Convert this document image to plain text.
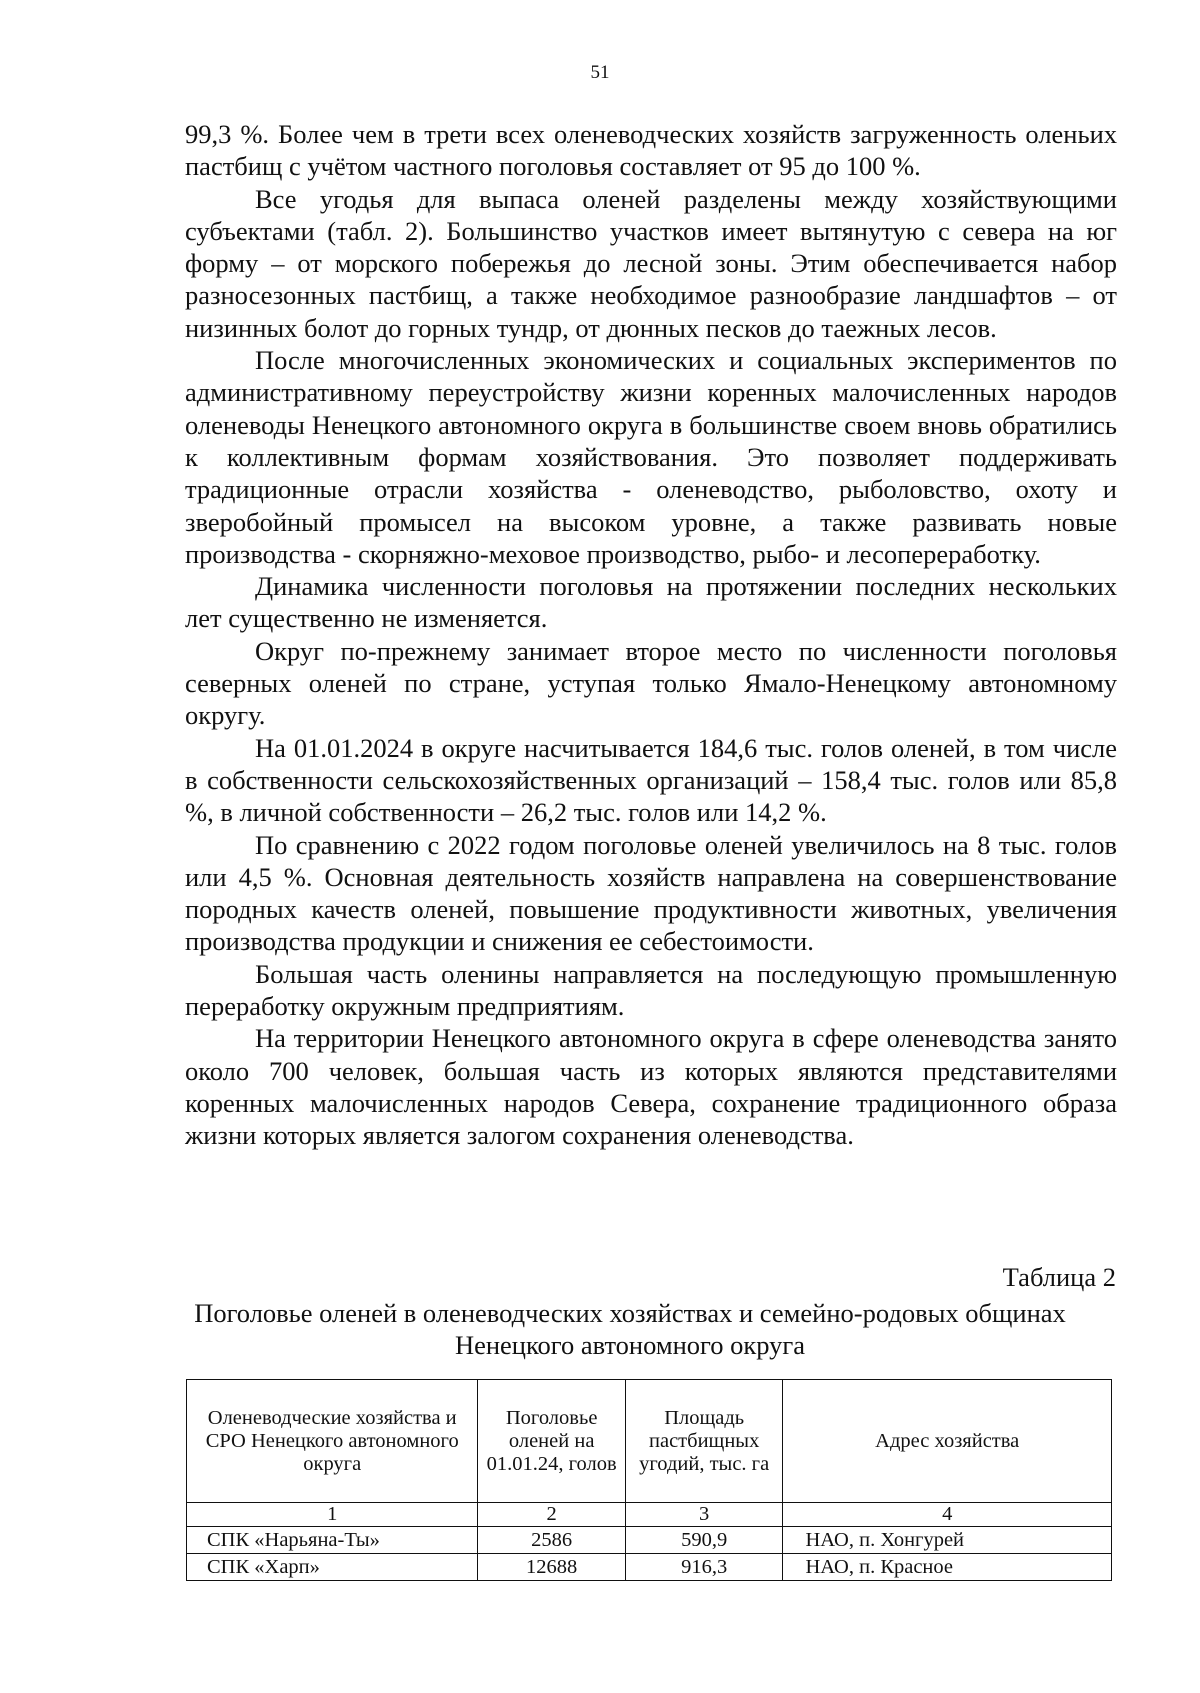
51

99,3 %. Более чем в трети всех оленеводческих хозяйств загруженность оленьих пастбищ с учётом частного поголовья составляет от 95 до 100 %.

Все угодья для выпаса оленей разделены между хозяйствующими субъектами (табл. 2). Большинство участков имеет вытянутую с севера на юг форму – от морского побережья до лесной зоны. Этим обеспечивается набор разносезонных пастбищ, а также необходимое разнообразие ландшафтов – от низинных болот до горных тундр, от дюнных песков до таежных лесов.

После многочисленных экономических и социальных экспериментов по административному переустройству жизни коренных малочисленных народов оленеводы Ненецкого автономного округа в большинстве своем вновь обратились к коллективным формам хозяйствования. Это позволяет поддерживать традиционные отрасли хозяйства - оленеводство, рыболовство, охоту и зверобойный промысел на высоком уровне, а также развивать новые производства - скорняжно-меховое производство, рыбо- и лесопереработку.

Динамика численности поголовья на протяжении последних нескольких лет существенно не изменяется.

Округ по-прежнему занимает второе место по численности поголовья северных оленей по стране, уступая только Ямало-Ненецкому автономному округу.

На 01.01.2024 в округе насчитывается 184,6 тыс. голов оленей, в том числе в собственности сельскохозяйственных организаций – 158,4 тыс. голов или 85,8 %, в личной собственности – 26,2 тыс. голов или 14,2 %.

По сравнению с 2022 годом поголовье оленей увеличилось на 8 тыс. голов или 4,5 %. Основная деятельность хозяйств направлена на совершенствование породных качеств оленей, повышение продуктивности животных, увеличения производства продукции и снижения ее себестоимости.

Большая часть оленины направляется на последующую промышленную переработку окружным предприятиям.

На территории Ненецкого автономного округа в сфере оленеводства занято около 700 человек, большая часть из которых являются представителями коренных малочисленных народов Севера, сохранение традиционного образа жизни которых является залогом сохранения оленеводства.

Таблица 2
Поголовье оленей в оленеводческих хозяйствах и семейно-родовых общинах
Ненецкого автономного округа
Оленеводческие хозяйства и СРО Ненецкого автономного округа	Поголовье оленей на 01.01.24, голов	Площадь пастбищных угодий, тыс. га	Адрес хозяйства
1	2	3	4
СПК «Нарьяна-Ты»	2586	590,9	НАО, п. Хонгурей
СПК «Харп»	12688	916,3	НАО, п. Красное
